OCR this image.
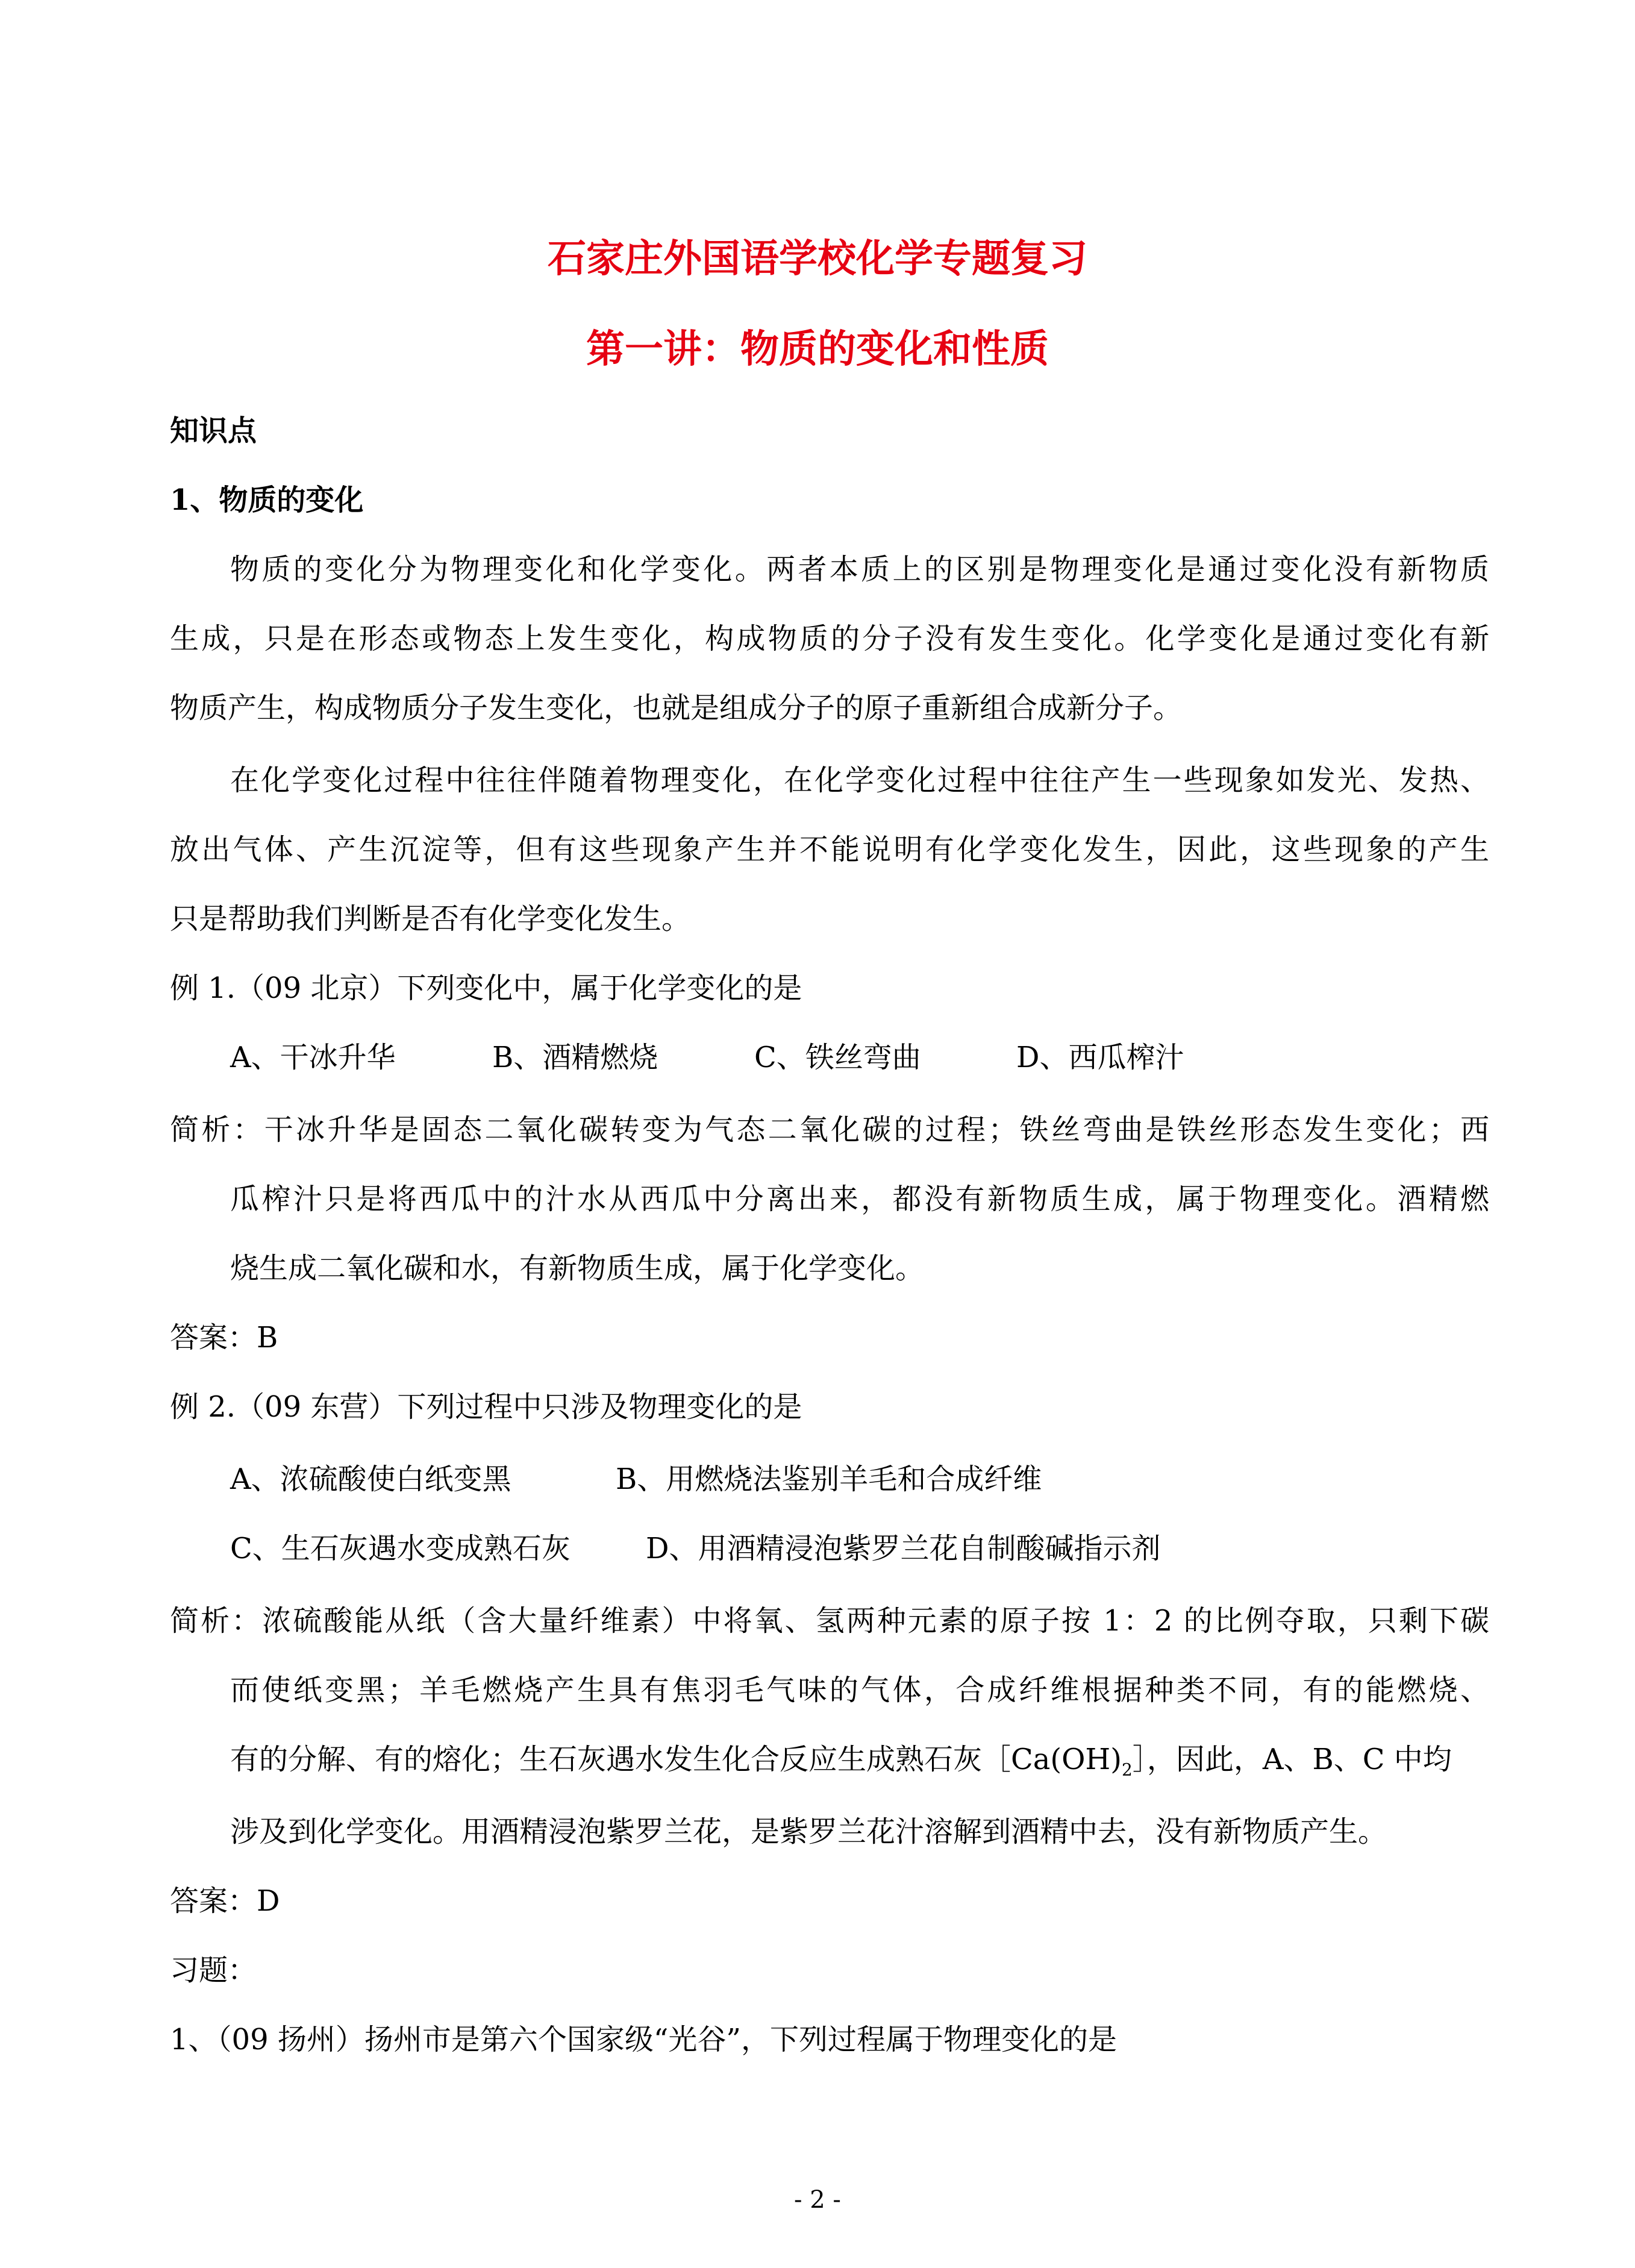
石家庄外国语学校化学专题复习
第一讲：物质的变化和性质

知识点

1、物质的变化

物质的变化分为物理变化和化学变化。两者本质上的区别是物理变化是通过变化没有新物质

生成，只是在形态或物态上发生变化，构成物质的分子没有发生变化。化学变化是通过变化有新

物质产生，构成物质分子发生变化，也就是组成分子的原子重新组合成新分子。

在化学变化过程中往往伴随着物理变化，在化学变化过程中往往产生一些现象如发光、发热、

放出气体、产生沉淀等，但有这些现象产生并不能说明有化学变化发生，因此，这些现象的产生

只是帮助我们判断是否有化学变化发生。

例 1.（09 北京）下列变化中，属于化学变化的是

A、干冰升华	B、酒精燃烧	C、铁丝弯曲	D、西瓜榨汁

简析：干冰升华是固态二氧化碳转变为气态二氧化碳的过程；铁丝弯曲是铁丝形态发生变化；西

瓜榨汁只是将西瓜中的汁水从西瓜中分离出来，都没有新物质生成，属于物理变化。酒精燃

烧生成二氧化碳和水，有新物质生成，属于化学变化。

答案：B

例 2.（09 东营）下列过程中只涉及物理变化的是

A、浓硫酸使白纸变黑	B、用燃烧法鉴别羊毛和合成纤维
C、生石灰遇水变成熟石灰	D、用酒精浸泡紫罗兰花自制酸碱指示剂

简析：浓硫酸能从纸（含大量纤维素）中将氧、氢两种元素的原子按 1：2 的比例夺取，只剩下碳

而使纸变黑；羊毛燃烧产生具有焦羽毛气味的气体，合成纤维根据种类不同，有的能燃烧、

有的分解、有的熔化；生石灰遇水发生化合反应生成熟石灰$[Ca(OH)_2]$，因此，A、B、C 中均

涉及到化学变化。用酒精浸泡紫罗兰花，是紫罗兰花汁溶解到酒精中去，没有新物质产生。

答案：D

习题：

1、（09 扬州）扬州市是第六个国家级“光谷”，下列过程属于物理变化的是

- 2 -
